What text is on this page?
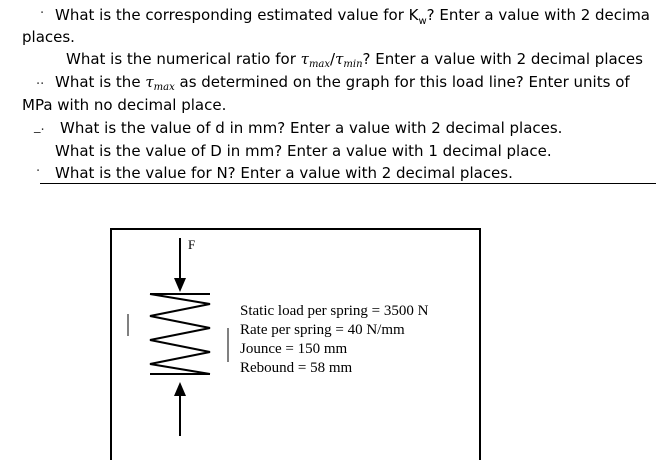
· What is the corresponding estimated value for $K_w$? Enter a value with 2 decima
places.
What is the numerical ratio for $\tau_{max}/\tau_{min}$? Enter a value with 2 decimal places
.. What is the $\tau_{max}$ as determined on the graph for this load line? Enter units of
MPa with no decimal place.
_. What is the value of d in mm? Enter a value with 2 decimal places.
What is the value of D in mm? Enter a value with 1 decimal place.
· What is the value for N? Enter a value with 2 decimal places.
F
Static load per spring = 3500 N
Rate per spring = 40 N/mm
Jounce = 150 mm
Rebound = 58 mm
